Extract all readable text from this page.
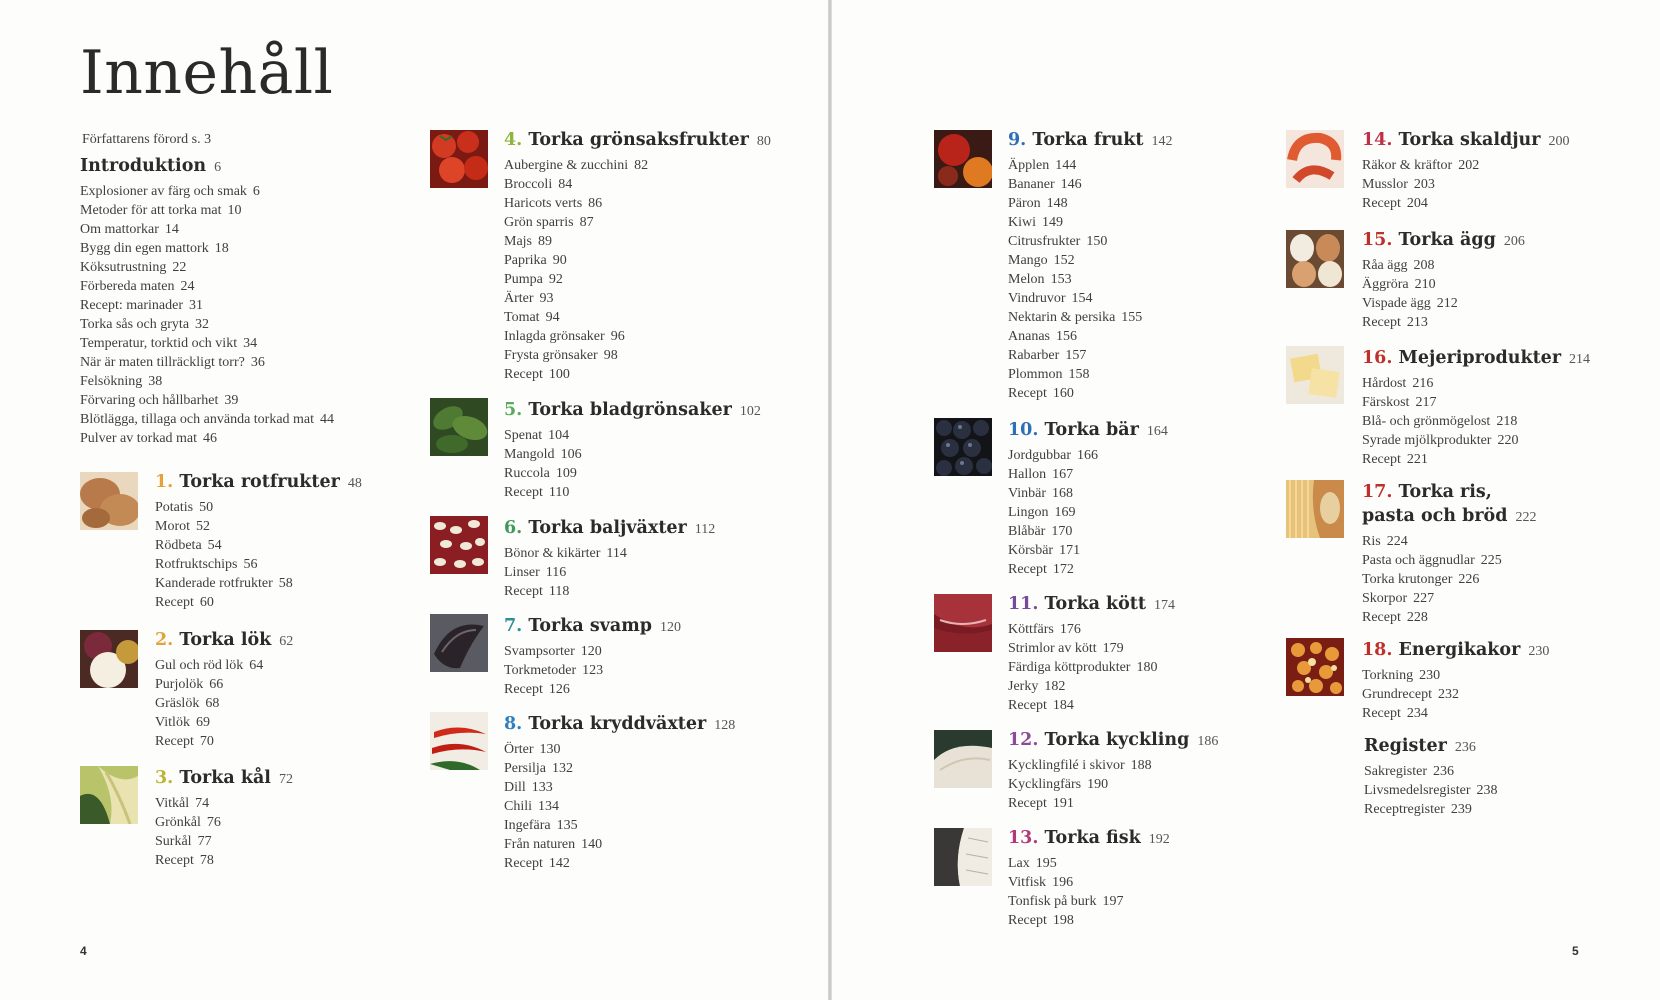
Innehåll
Författarens förord s. 3
Introduktion 6
Explosioner av färg och smak 6
Metoder för att torka mat 10
Om mattorkar 14
Bygg din egen mattork 18
Köksutrustning 22
Förbereda maten 24
Recept: marinader 31
Torka sås och gryta 32
Temperatur, torktid och vikt 34
När är maten tillräckligt torr? 36
Felsökning 38
Förvaring och hållbarhet 39
Blötlägga, tillaga och använda torkad mat 44
Pulver av torkad mat 46
1. Torka rotfrukter 48
Potatis 50
Morot 52
Rödbeta 54
Rotfruktschips 56
Kanderade rotfrukter 58
Recept 60
2. Torka lök 62
Gul och röd lök 64
Purjolök 66
Gräslök 68
Vitlök 69
Recept 70
3. Torka kål 72
Vitkål 74
Grönkål 76
Surkål 77
Recept 78
4. Torka grönsaksfrukter 80
Aubergine & zucchini 82
Broccoli 84
Haricots verts 86
Grön sparris 87
Majs 89
Paprika 90
Pumpa 92
Ärter 93
Tomat 94
Inlagda grönsaker 96
Frysta grönsaker 98
Recept 100
5. Torka bladgrönsaker 102
Spenat 104
Mangold 106
Ruccola 109
Recept 110
6. Torka baljväxter 112
Bönor & kikärter 114
Linser 116
Recept 118
7. Torka svamp 120
Svampsorter 120
Torkmetoder 123
Recept 126
8. Torka kryddväxter 128
Örter 130
Persilja 132
Dill 133
Chili 134
Ingefära 135
Från naturen 140
Recept 142
9. Torka frukt 142
Äpplen 144
Bananer 146
Päron 148
Kiwi 149
Citrusfrukter 150
Mango 152
Melon 153
Vindruvor 154
Nektarin & persika 155
Ananas 156
Rabarber 157
Plommon 158
Recept 160
10. Torka bär 164
Jordgubbar 166
Hallon 167
Vinbär 168
Lingon 169
Blåbär 170
Körsbär 171
Recept 172
11. Torka kött 174
Köttfärs 176
Strimlor av kött 179
Färdiga köttprodukter 180
Jerky 182
Recept 184
12. Torka kyckling 186
Kycklingfilé i skivor 188
Kycklingfärs 190
Recept 191
13. Torka fisk 192
Lax 195
Vitfisk 196
Tonfisk på burk 197
Recept 198
14. Torka skaldjur 200
Räkor & kräftor 202
Musslor 203
Recept 204
15. Torka ägg 206
Råa ägg 208
Äggröra 210
Vispade ägg 212
Recept 213
16. Mejeriprodukter 214
Hårdost 216
Färskost 217
Blå- och grönmögelost 218
Syrade mjölkprodukter 220
Recept 221
17. Torka ris,
pasta och bröd 222
Ris 224
Pasta och äggnudlar 225
Torka krutonger 226
Skorpor 227
Recept 228
18. Energikakor 230
Torkning 230
Grundrecept 232
Recept 234
Register 236
Sakregister 236
Livsmedelsregister 238
Receptregister 239
4	5
